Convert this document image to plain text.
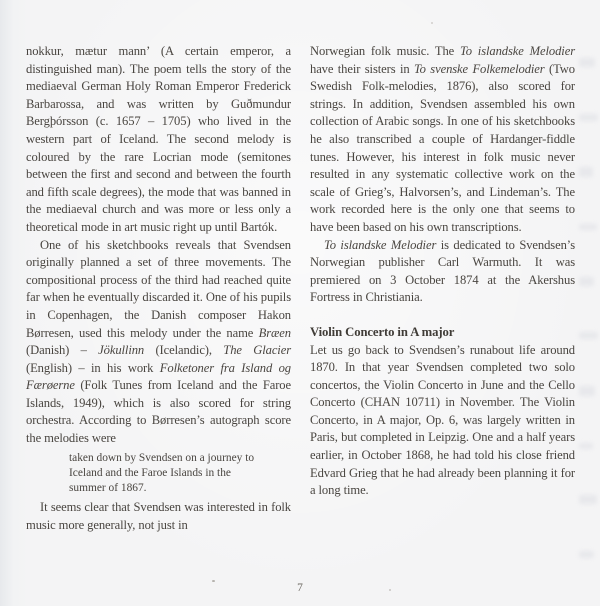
nokkur, mætur mann’ (A certain emperor, a distinguished man). The poem tells the story of the mediaeval German Holy Roman Emperor Frederick Barbarossa, and was written by Guðmundur Bergþórsson (c. 1657 – 1705) who lived in the western part of Iceland. The second melody is coloured by the rare Locrian mode (semitones between the first and second and between the fourth and fifth scale degrees), the mode that was banned in the mediaeval church and was more or less only a theoretical mode in art music right up until Bartók.

One of his sketchbooks reveals that Svendsen originally planned a set of three movements. The compositional process of the third had reached quite far when he eventually discarded it. One of his pupils in Copenhagen, the Danish composer Hakon Børresen, used this melody under the name Bræen (Danish) – Jökullinn (Icelandic), The Glacier (English) – in his work Folketoner fra Island og Færøerne (Folk Tunes from Iceland and the Faroe Islands, 1949), which is also scored for string orchestra. According to Børresen’s autograph score the melodies were

taken down by Svendsen on a journey to Iceland and the Faroe Islands in the summer of 1867.

It seems clear that Svendsen was interested in folk music more generally, not just in

Norwegian folk music. The To islandske Melodier have their sisters in To svenske Folkemelodier (Two Swedish Folk-melodies, 1876), also scored for strings. In addition, Svendsen assembled his own collection of Arabic songs. In one of his sketchbooks he also transcribed a couple of Hardanger-fiddle tunes. However, his interest in folk music never resulted in any systematic collective work on the scale of Grieg’s, Halvorsen’s, and Lindeman’s. The work recorded here is the only one that seems to have been based on his own transcriptions.

To islandske Melodier is dedicated to Svendsen’s Norwegian publisher Carl Warmuth. It was premiered on 3 October 1874 at the Akershus Fortress in Christiania.

Violin Concerto in A major

Let us go back to Svendsen’s runabout life around 1870. In that year Svendsen completed two solo concertos, the Violin Concerto in June and the Cello Concerto (CHAN 10711) in November. The Violin Concerto, in A major, Op. 6, was largely written in Paris, but completed in Leipzig. One and a half years earlier, in October 1868, he had told his close friend Edvard Grieg that he had already been planning it for a long time.

7
